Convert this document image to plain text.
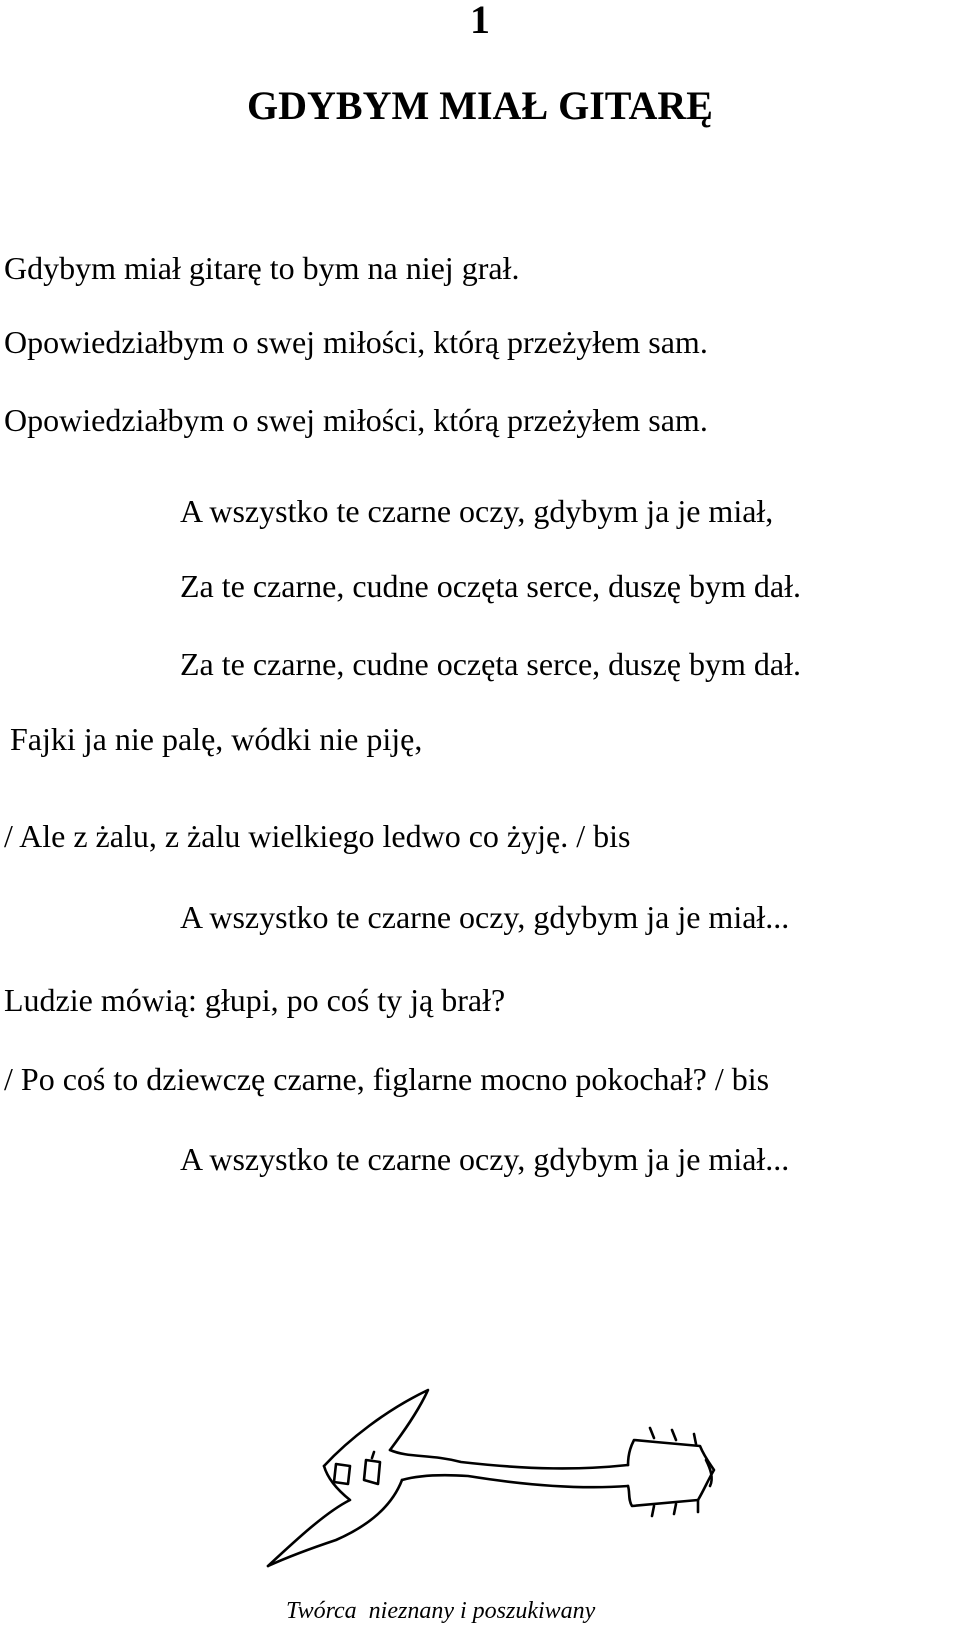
1
GDYBYM MIAŁ GITARĘ
Gdybym miał gitarę to bym na niej grał.
Opowiedziałbym o swej miłości, którą przeżyłem sam.
Opowiedziałbym o swej miłości, którą przeżyłem sam.
A wszystko te czarne oczy, gdybym ja je miał,
Za te czarne, cudne oczęta serce, duszę bym dał.
Za te czarne, cudne oczęta serce, duszę bym dał.
Fajki ja nie palę, wódki nie piję,
/ Ale z żalu, z żalu wielkiego ledwo co żyję. / bis
A wszystko te czarne oczy, gdybym ja je miał...
Ludzie mówią: głupi, po coś ty ją brał?
/ Po coś to dziewczę czarne, figlarne mocno pokochał? / bis
A wszystko te czarne oczy, gdybym ja je miał...
Twórca  nieznany i poszukiwany
